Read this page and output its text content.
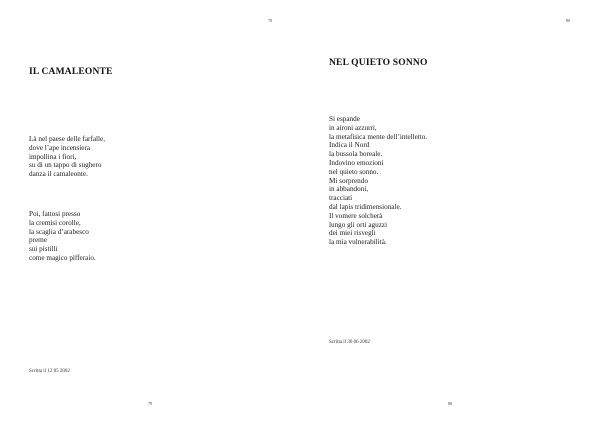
79
IL CAMALEONTE
Là nel paese delle farfalle,
dove l’ape incensiera
impollina i fiori,
su di un tappo di sughero
danza il camaleonte.
Poi, fattosi presso
la cremisi corolle,
la scaglia d’arabesco
preme
sui pistilli
come magico pifferaio.
Scritta il 12 05 2002
79
80
NEL QUIETO SONNO
Si espande
in aironi azzurri,
la metafisica mente dell’intelletto.
Indica il Nord
la bussola boreale.
Indovino emozioni
nel quieto sonno.
Mi sorprendo
in abbandoni,
tracciati
dal lapis tridimensionale.
Il vomere solcherà
lungo gli orti aguzzi
dei miei risvegli
la mia vulnerabilità.
Scritta il 30 06 2002
80
